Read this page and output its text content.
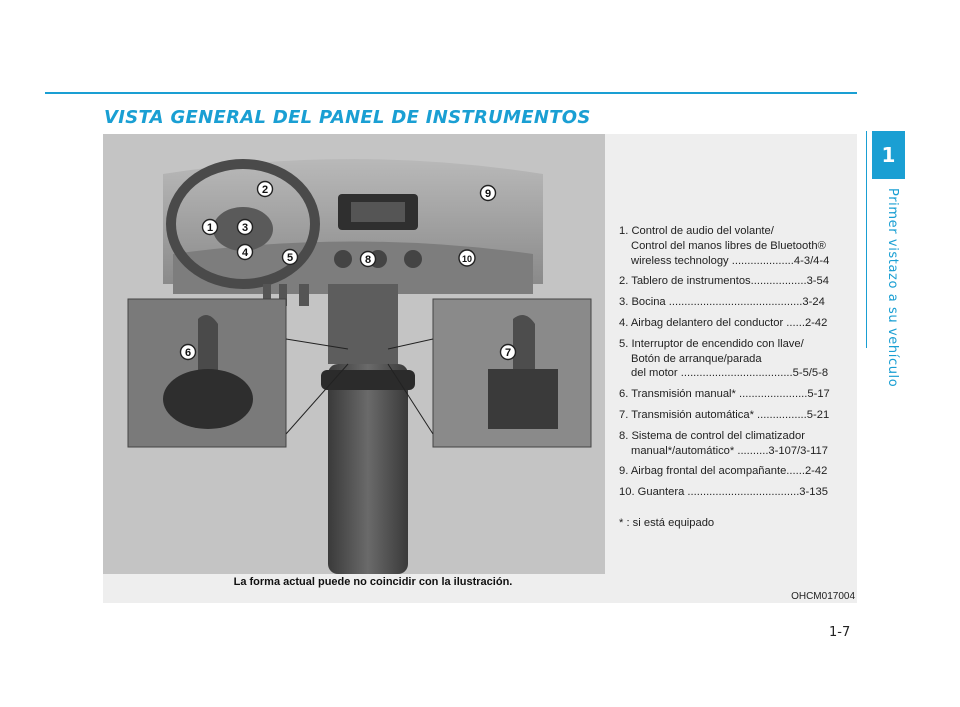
VISTA GENERAL DEL PANEL DE INSTRUMENTOS
1
Primer vistazo a su vehículo
1
2
3
4	5
6	7
8
9
10
1. Control de audio del volante/
Control del manos libres de Bluetooth®
wireless technology ....................4-3/4-4
2. Tablero de instrumentos..................3-54
3. Bocina ...........................................3-24
4. Airbag delantero del conductor ......2-42
5. Interruptor de encendido con llave/
Botón de arranque/parada
del motor ....................................5-5/5-8
6. Transmisión manual* ......................5-17
7. Transmisión automática* ................5-21
8. Sistema de control del climatizador
manual*/automático* ..........3-107/3-117
9. Airbag frontal del acompañante......2-42
10. Guantera ....................................3-135
* : si está equipado
La forma actual puede no coincidir con la ilustración.
OHCM017004
1-7
